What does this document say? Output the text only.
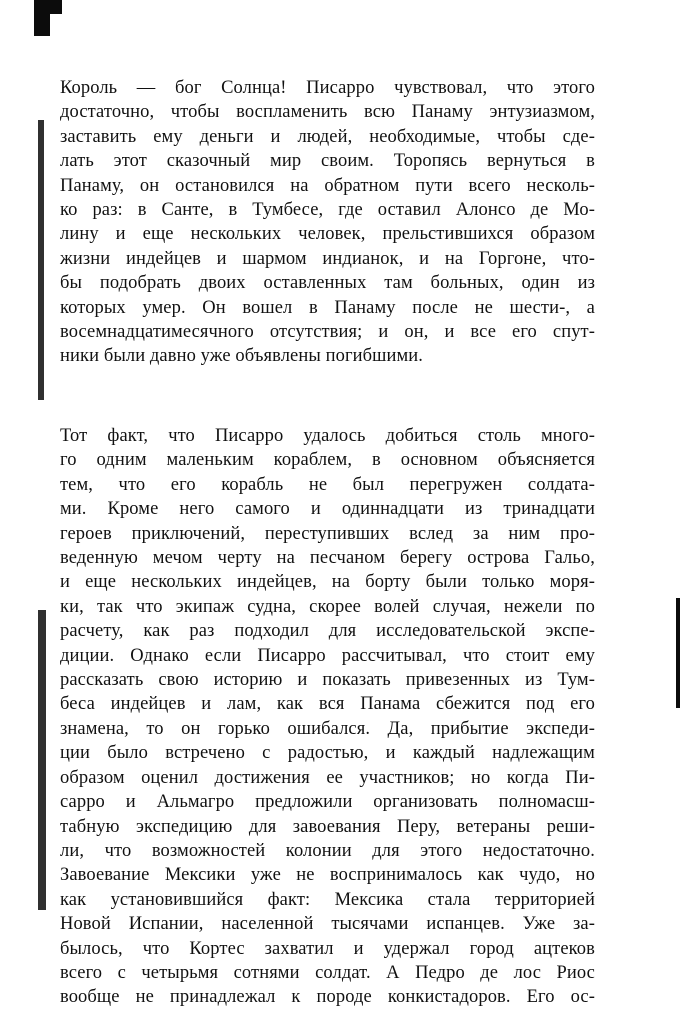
Король — бог Солнца! Писарро чувствовал, что этого
достаточно, чтобы воспламенить всю Панаму энтузиазмом,
заставить ему деньги и людей, необходимые, чтобы сде-
лать этот сказочный мир своим. Торопясь вернуться в
Панаму, он остановился на обратном пути всего несколь-
ко раз: в Санте, в Тумбесе, где оставил Алонсо де Мо-
лину и еще нескольких человек, прельстившихся образом
жизни индейцев и шармом индианок, и на Горгоне, что-
бы подобрать двоих оставленных там больных, один из
которых умер. Он вошел в Панаму после не шести-, а
восемнадцатимесячного отсутствия; и он, и все его спут-
ники были давно уже объявлены погибшими.
Тот факт, что Писарро удалось добиться столь много-
го одним маленьким кораблем, в основном объясняется
тем, что его корабль не был перегружен солдата-
ми. Кроме него самого и одиннадцати из тринадцати
героев приключений, переступивших вслед за ним про-
веденную мечом черту на песчаном берегу острова Гальо,
и еще нескольких индейцев, на борту были только моря-
ки, так что экипаж судна, скорее волей случая, нежели по
расчету, как раз подходил для исследовательской экспе-
диции. Однако если Писарро рассчитывал, что стоит ему
рассказать свою историю и показать привезенных из Тум-
беса индейцев и лам, как вся Панама сбежится под его
знамена, то он горько ошибался. Да, прибытие экспеди-
ции было встречено с радостью, и каждый надлежащим
образом оценил достижения ее участников; но когда Пи-
сарро и Альмагро предложили организовать полномасш-
табную экспедицию для завоевания Перу, ветераны реши-
ли, что возможностей колонии для этого недостаточно.
Завоевание Мексики уже не воспринималось как чудо, но
как установившийся факт: Мексика стала территорией
Новой Испании, населенной тысячами испанцев. Уже за-
былось, что Кортес захватил и удержал город ацтеков
всего с четырьмя сотнями солдат. А Педро де лос Риос
вообще не принадлежал к породе конкистадоров. Его ос-
